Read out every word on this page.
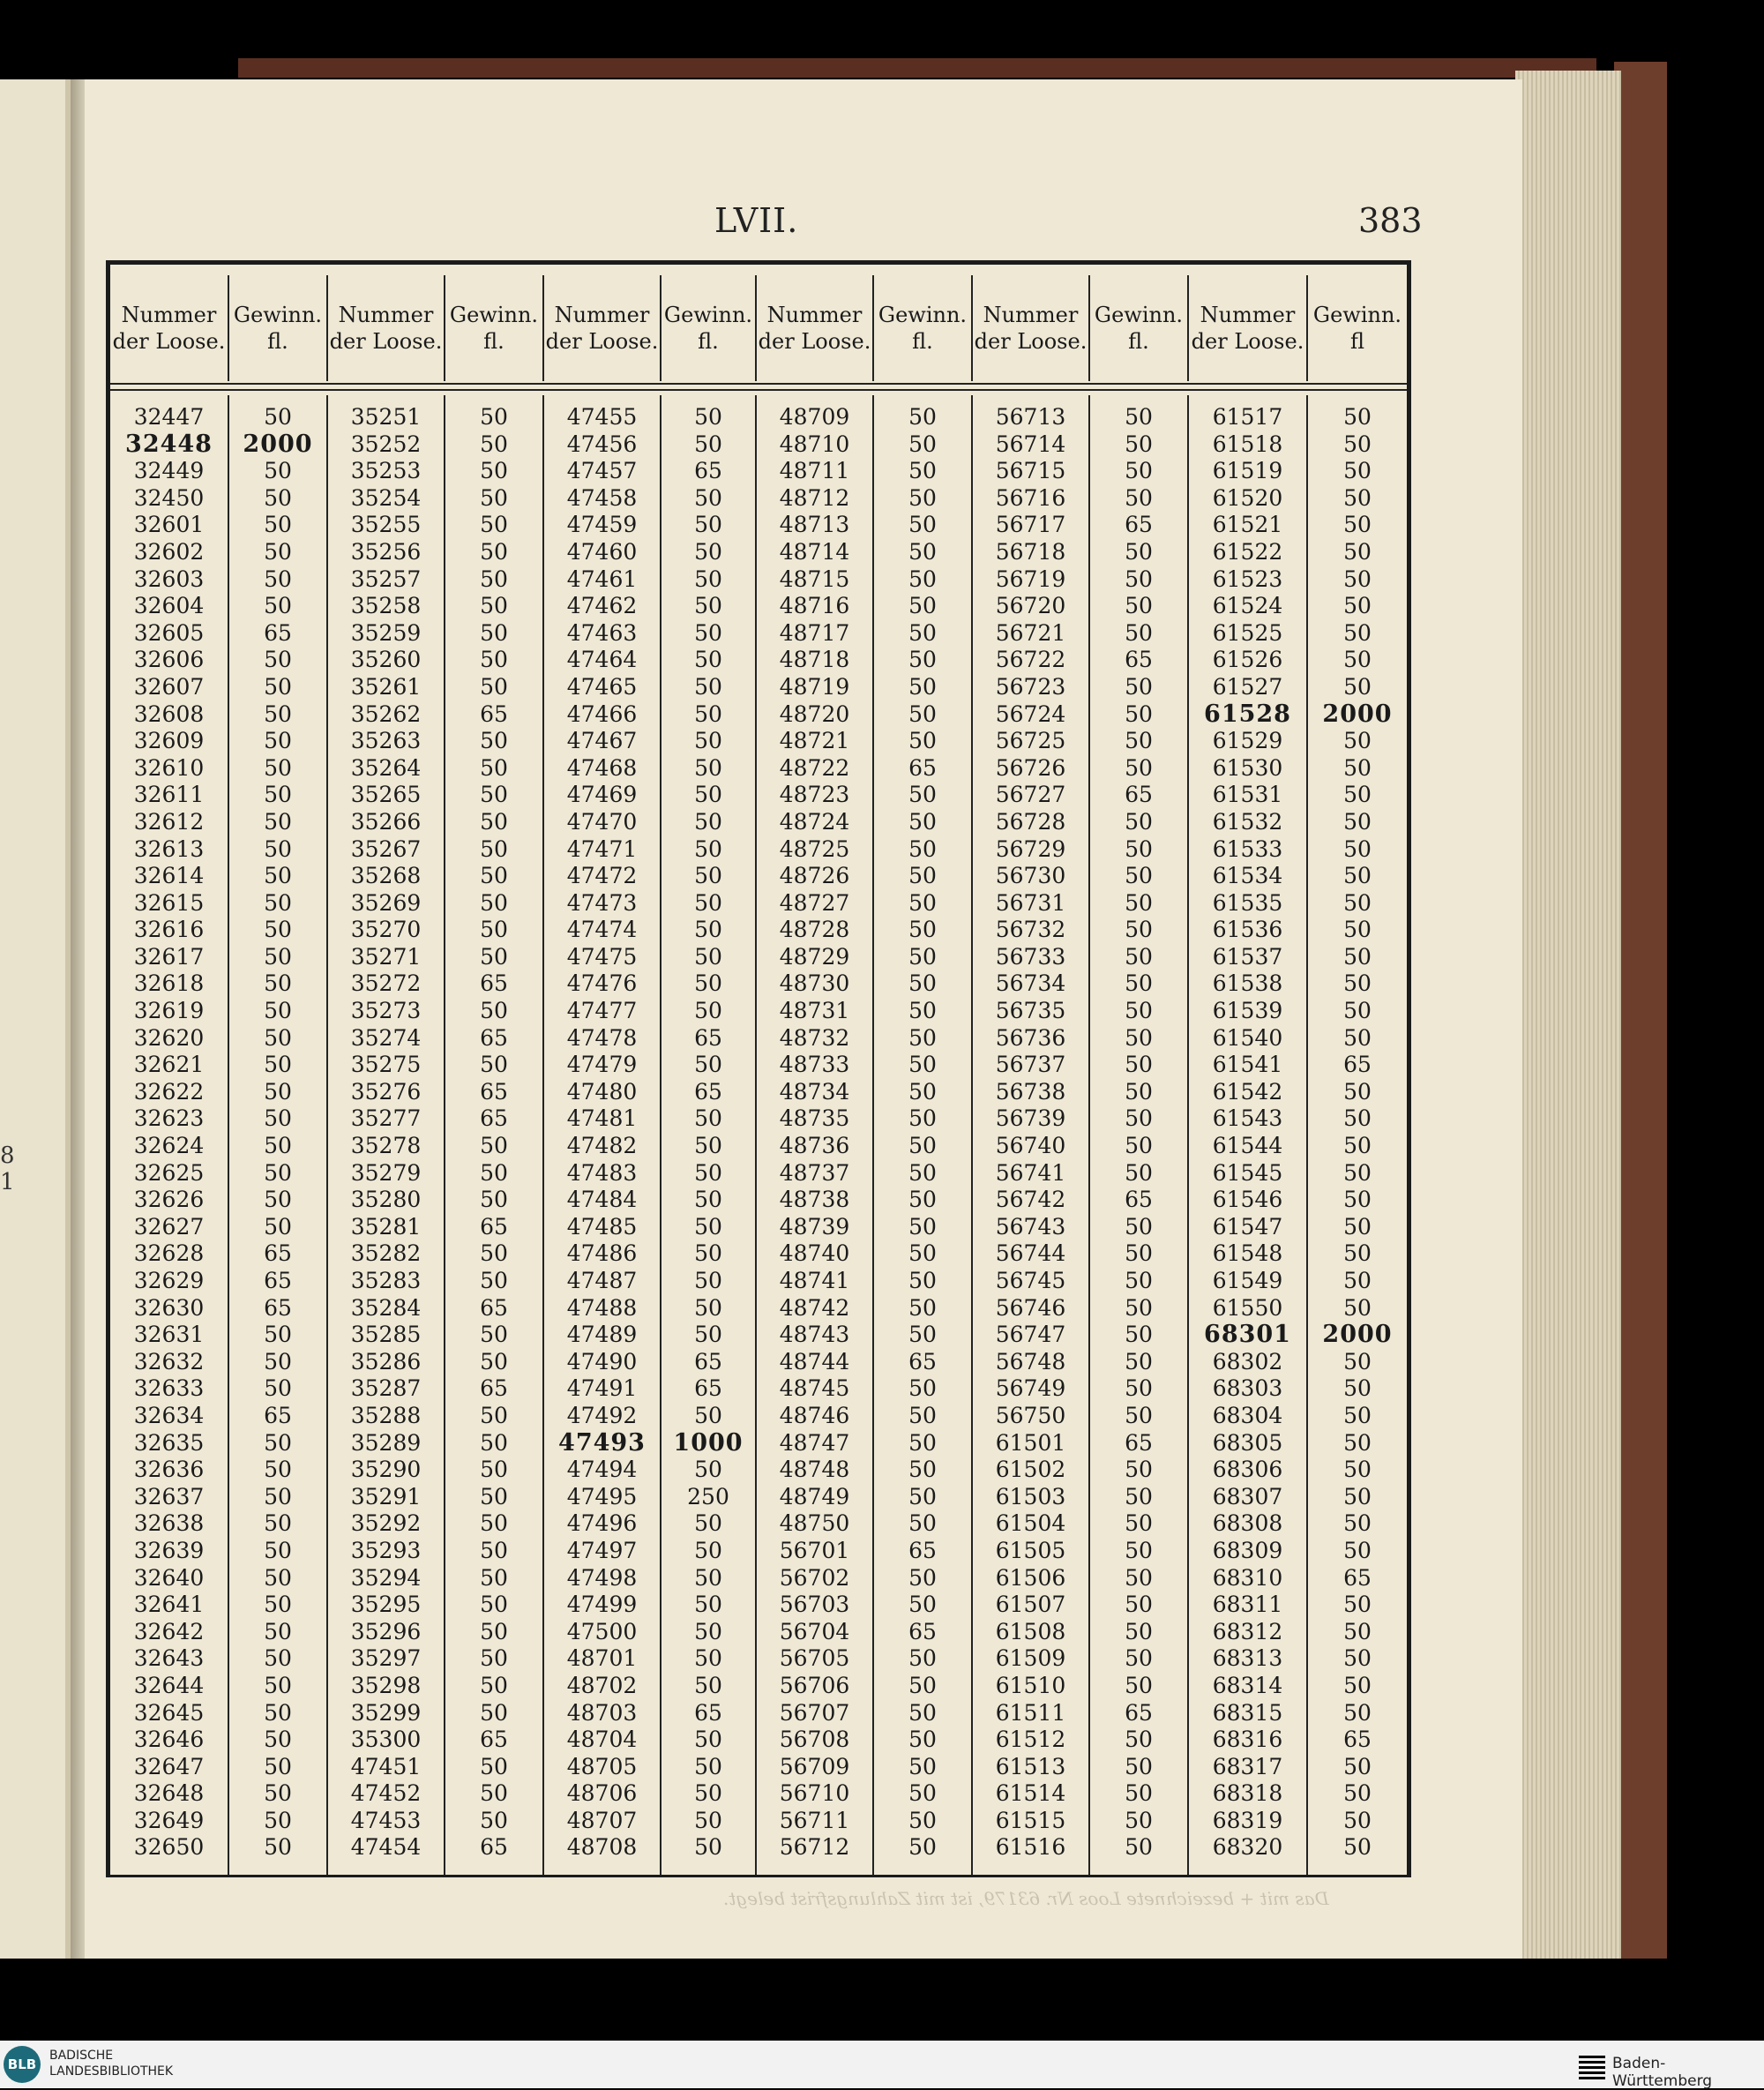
8
1
LVII.	383
Nummer
der Loose.
Gewinn.
fl.
Nummer
der Loose.
Gewinn.
fl.
Nummer
der Loose.
Gewinn.
fl.
Nummer
der Loose.
Gewinn.
fl.
Nummer
der Loose.
Gewinn.
fl.
Nummer
der Loose.
Gewinn.
fl
32447
32448
32449
32450
32601
32602
32603
32604
32605
32606
32607
32608
32609
32610
32611
32612
32613
32614
32615
32616
32617
32618
32619
32620
32621
32622
32623
32624
32625
32626
32627
32628
32629
32630
32631
32632
32633
32634
32635
32636
32637
32638
32639
32640
32641
32642
32643
32644
32645
32646
32647
32648
32649
32650
50
2000
50
50
50
50
50
50
65
50
50
50
50
50
50
50
50
50
50
50
50
50
50
50
50
50
50
50
50
50
50
65
65
65
50
50
50
65
50
50
50
50
50
50
50
50
50
50
50
50
50
50
50
50
35251
35252
35253
35254
35255
35256
35257
35258
35259
35260
35261
35262
35263
35264
35265
35266
35267
35268
35269
35270
35271
35272
35273
35274
35275
35276
35277
35278
35279
35280
35281
35282
35283
35284
35285
35286
35287
35288
35289
35290
35291
35292
35293
35294
35295
35296
35297
35298
35299
35300
47451
47452
47453
47454
50
50
50
50
50
50
50
50
50
50
50
65
50
50
50
50
50
50
50
50
50
65
50
65
50
65
65
50
50
50
65
50
50
65
50
50
65
50
50
50
50
50
50
50
50
50
50
50
50
65
50
50
50
65
47455
47456
47457
47458
47459
47460
47461
47462
47463
47464
47465
47466
47467
47468
47469
47470
47471
47472
47473
47474
47475
47476
47477
47478
47479
47480
47481
47482
47483
47484
47485
47486
47487
47488
47489
47490
47491
47492
47493
47494
47495
47496
47497
47498
47499
47500
48701
48702
48703
48704
48705
48706
48707
48708
50
50
65
50
50
50
50
50
50
50
50
50
50
50
50
50
50
50
50
50
50
50
50
65
50
65
50
50
50
50
50
50
50
50
50
65
65
50
1000
50
250
50
50
50
50
50
50
50
65
50
50
50
50
50
48709
48710
48711
48712
48713
48714
48715
48716
48717
48718
48719
48720
48721
48722
48723
48724
48725
48726
48727
48728
48729
48730
48731
48732
48733
48734
48735
48736
48737
48738
48739
48740
48741
48742
48743
48744
48745
48746
48747
48748
48749
48750
56701
56702
56703
56704
56705
56706
56707
56708
56709
56710
56711
56712
50
50
50
50
50
50
50
50
50
50
50
50
50
65
50
50
50
50
50
50
50
50
50
50
50
50
50
50
50
50
50
50
50
50
50
65
50
50
50
50
50
50
65
50
50
65
50
50
50
50
50
50
50
50
56713
56714
56715
56716
56717
56718
56719
56720
56721
56722
56723
56724
56725
56726
56727
56728
56729
56730
56731
56732
56733
56734
56735
56736
56737
56738
56739
56740
56741
56742
56743
56744
56745
56746
56747
56748
56749
56750
61501
61502
61503
61504
61505
61506
61507
61508
61509
61510
61511
61512
61513
61514
61515
61516
50
50
50
50
65
50
50
50
50
65
50
50
50
50
65
50
50
50
50
50
50
50
50
50
50
50
50
50
50
65
50
50
50
50
50
50
50
50
65
50
50
50
50
50
50
50
50
50
65
50
50
50
50
50
61517
61518
61519
61520
61521
61522
61523
61524
61525
61526
61527
61528
61529
61530
61531
61532
61533
61534
61535
61536
61537
61538
61539
61540
61541
61542
61543
61544
61545
61546
61547
61548
61549
61550
68301
68302
68303
68304
68305
68306
68307
68308
68309
68310
68311
68312
68313
68314
68315
68316
68317
68318
68319
68320
50
50
50
50
50
50
50
50
50
50
50
2000
50
50
50
50
50
50
50
50
50
50
50
50
65
50
50
50
50
50
50
50
50
50
2000
50
50
50
50
50
50
50
50
65
50
50
50
50
50
65
50
50
50
50
Das mit + bezeichnete Loos Nr. 63179, ist mit Zahlungsfrist belegt.
BLB
BADISCHE
LANDESBIBLIOTHEK	Baden-Württemberg
